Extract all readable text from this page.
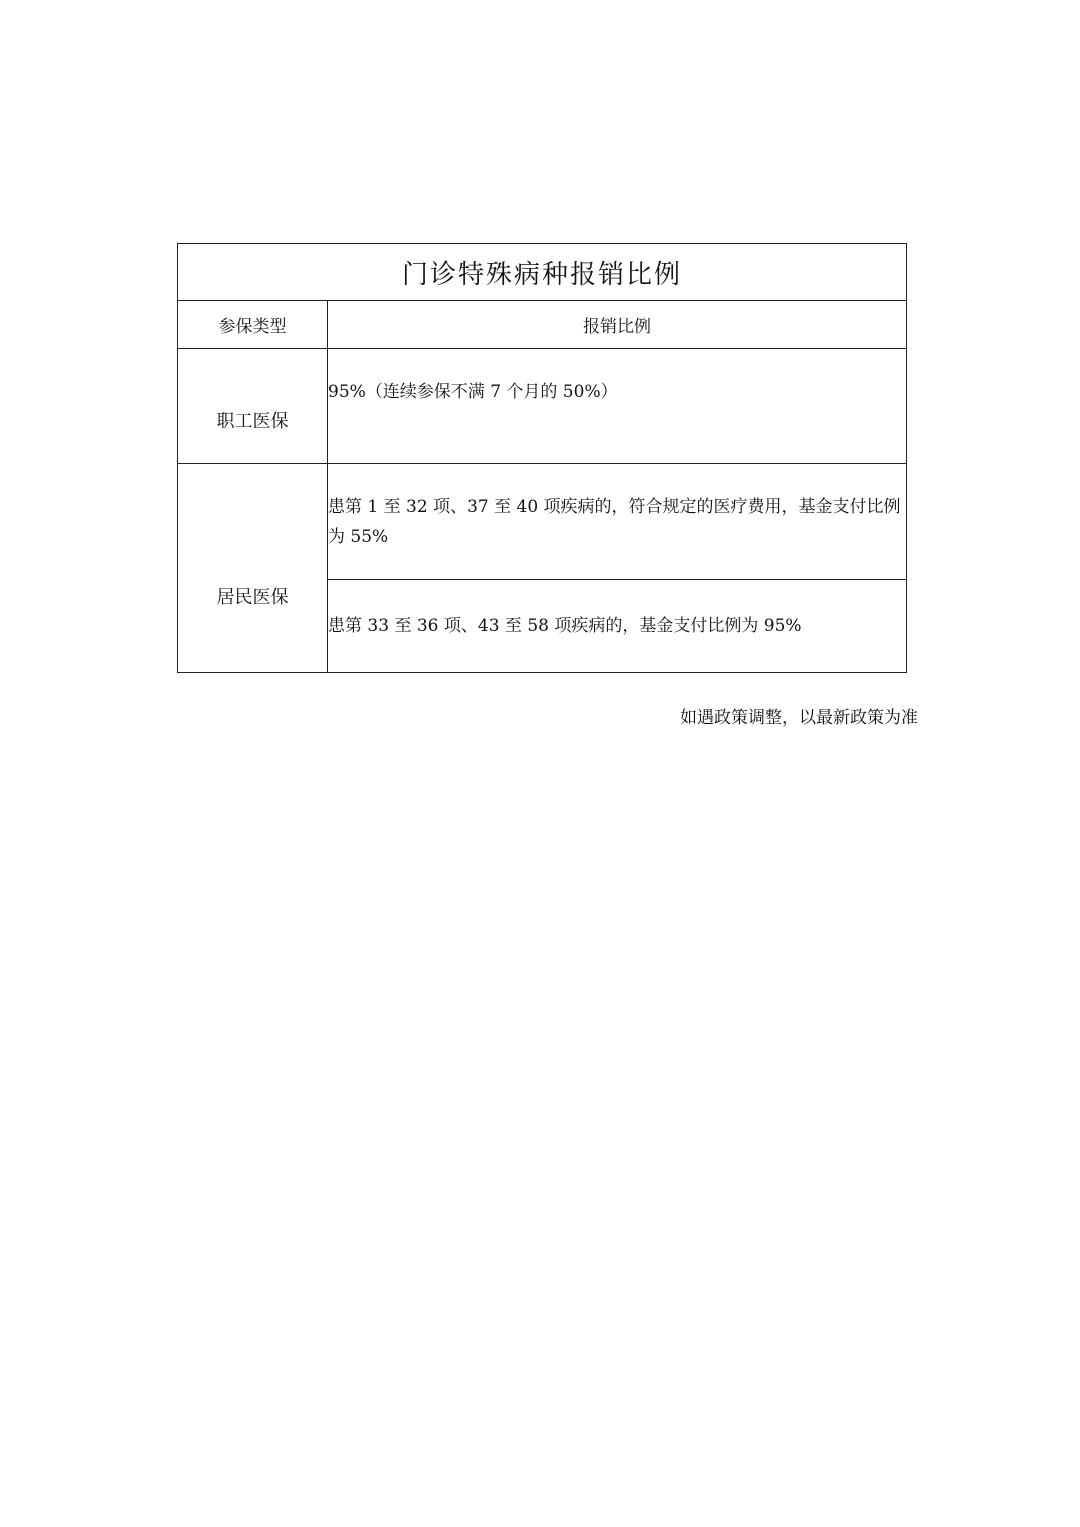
门诊特殊病种报销比例	
参保类型	报销比例
职工医保	95%（连续参保不满 7 个月的 50%）
居民医保	患第 1 至 32 项、37 至 40 项疾病的，符合规定的医疗费用，基金支付比例为 55%
	患第 33 至 36 项、43 至 58 项疾病的，基金支付比例为 95%
如遇政策调整，以最新政策为准
